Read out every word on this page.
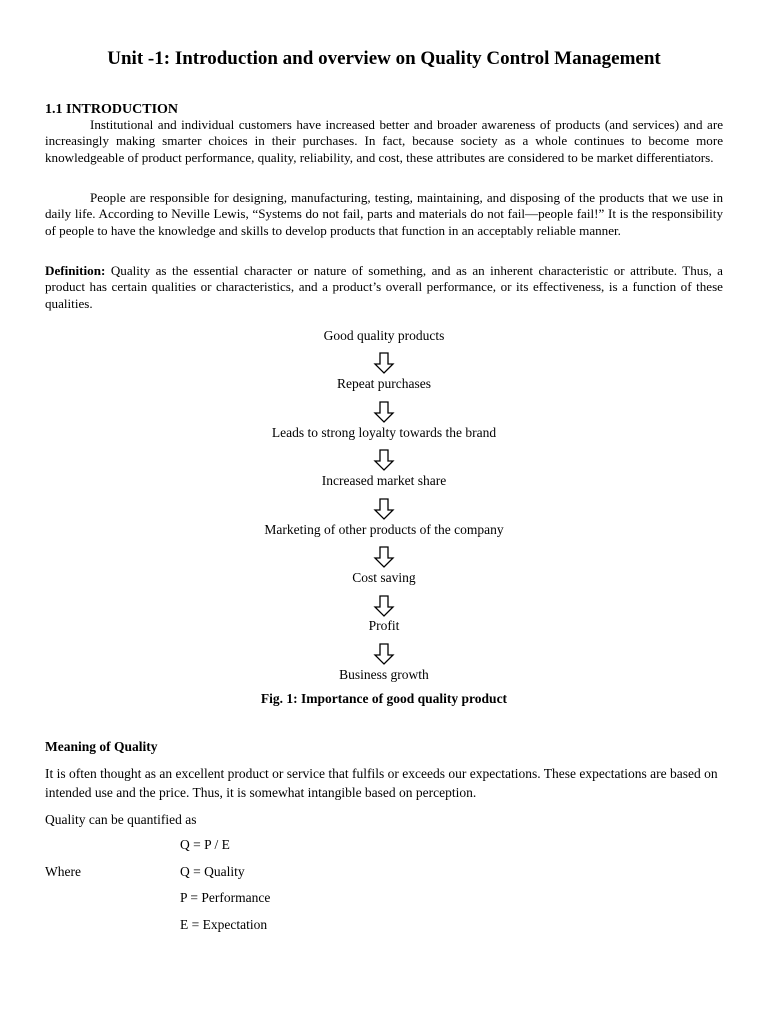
Unit -1: Introduction and overview on Quality Control Management
1.1 INTRODUCTION

Institutional and individual customers have increased better and broader awareness of products (and services) and are increasingly making smarter choices in their purchases. In fact, because society as a whole continues to become more knowledgeable of product performance, quality, reliability, and cost, these attributes are considered to be market differentiators.

People are responsible for designing, manufacturing, testing, maintaining, and disposing of the products that we use in daily life. According to Neville Lewis, “Systems do not fail, parts and materials do not fail—people fail!” It is the responsibility of people to have the knowledge and skills to develop products that function in an acceptably reliable manner.

Definition: Quality as the essential character or nature of something, and as an inherent characteristic or attribute. Thus, a product has certain qualities or characteristics, and a product’s overall performance, or its effectiveness, is a function of these qualities.

Good quality products
Repeat purchases
Leads to strong loyalty towards the brand
Increased market share
Marketing of other products of the company
Cost saving
Profit
Business growth
Fig. 1: Importance of good quality product
Meaning of Quality
It is often thought as an excellent product or service that fulfils or exceeds our expectations. These expectations are based on intended use and the price. Thus, it is somewhat intangible based on perception.
Quality can be quantified as
Q = P / E
Where	Q = Quality
P = Performance
E = Expectation
